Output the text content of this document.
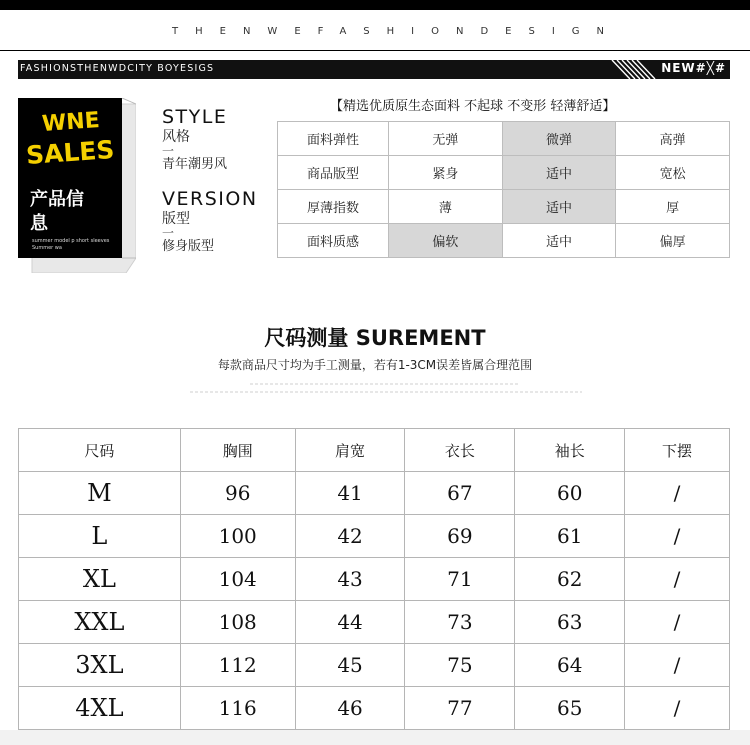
THENWEFASHIONDESIGN
FASHIONSTHENWDCITY BOYESIGS	NEW#╳#
WNE
SALES
产品信息
summer model p short sleeves Summer wa
STYLE
风格
一
青年潮男风
VERSION
版型
一
修身版型
【精选优质原生态面料 不起球 不变形 轻薄舒适】
面料弹性	无弹	微弹	高弹
商品版型	紧身	适中	宽松
厚薄指数	薄	适中	厚
面料质感	偏软	适中	偏厚
尺码测量 SUREMENT
每款商品尺寸均为手工测量，若有1-3CM误差皆属合理范围
尺码	胸围	肩宽	衣长	袖长	下摆
M	96	41	67	60	/
L	100	42	69	61	/
XL	104	43	71	62	/
XXL	108	44	73	63	/
3XL	112	45	75	64	/
4XL	116	46	77	65	/
